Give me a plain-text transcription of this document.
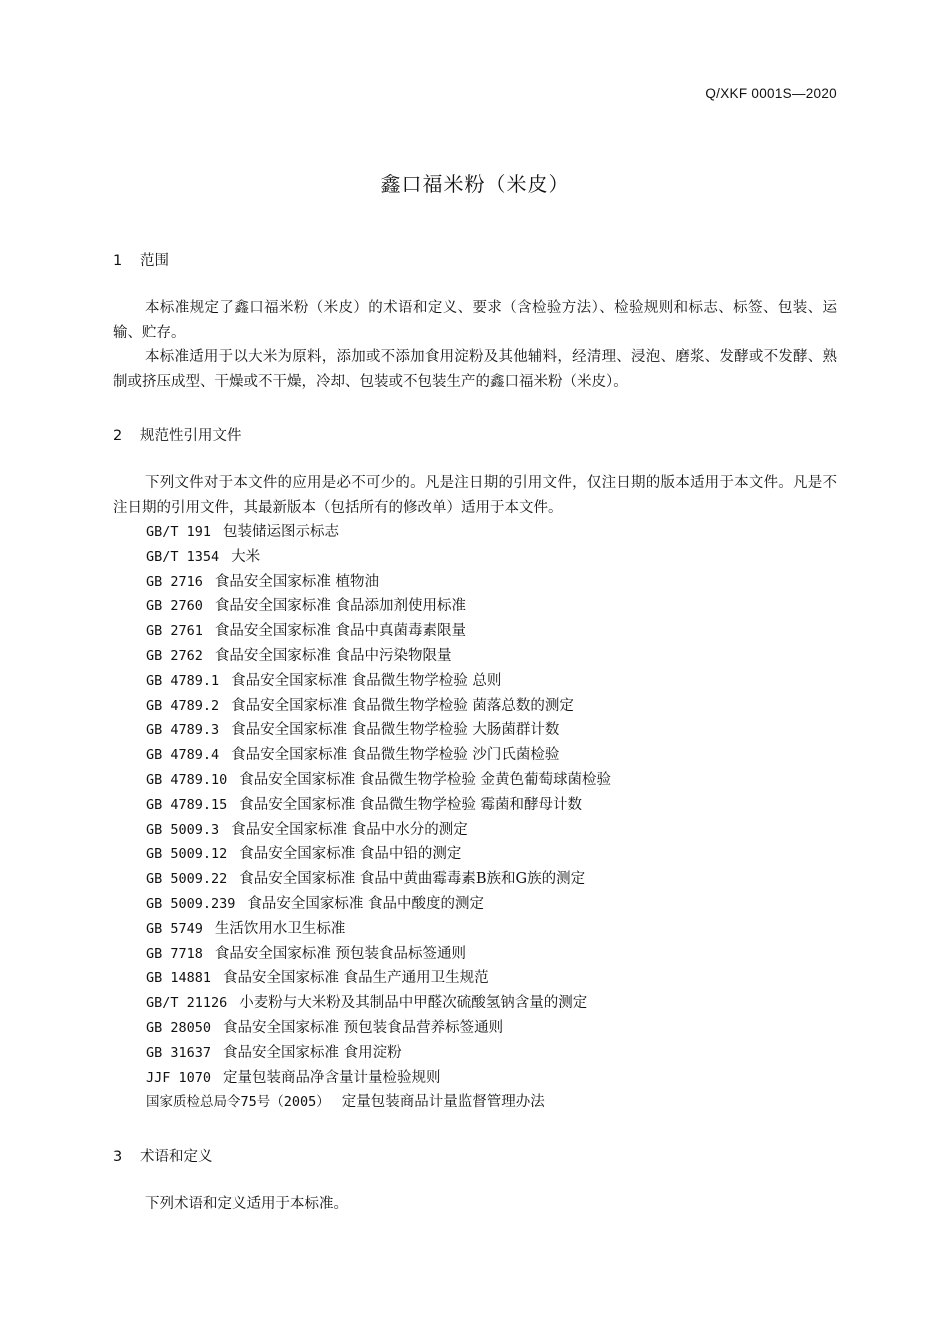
Q/XKF 0001S—2020
鑫口福米粉（米皮）
1 范围
本标准规定了鑫口福米粉（米皮）的术语和定义、要求（含检验方法）、检验规则和标志、标签、包装、运输、贮存。
本标准适用于以大米为原料，添加或不添加食用淀粉及其他辅料，经清理、浸泡、磨浆、发酵或不发酵、熟制或挤压成型、干燥或不干燥，冷却、包装或不包装生产的鑫口福米粉（米皮）。
2 规范性引用文件
下列文件对于本文件的应用是必不可少的。凡是注日期的引用文件，仅注日期的版本适用于本文件。凡是不注日期的引用文件，其最新版本（包括所有的修改单）适用于本文件。
GB/T 191 包装储运图示标志
GB/T 1354 大米
GB 2716 食品安全国家标准 植物油
GB 2760 食品安全国家标准 食品添加剂使用标准
GB 2761 食品安全国家标准 食品中真菌毒素限量
GB 2762 食品安全国家标准 食品中污染物限量
GB 4789.1 食品安全国家标准 食品微生物学检验 总则
GB 4789.2 食品安全国家标准 食品微生物学检验 菌落总数的测定
GB 4789.3 食品安全国家标准 食品微生物学检验 大肠菌群计数
GB 4789.4 食品安全国家标准 食品微生物学检验 沙门氏菌检验
GB 4789.10 食品安全国家标准 食品微生物学检验 金黄色葡萄球菌检验
GB 4789.15 食品安全国家标准 食品微生物学检验 霉菌和酵母计数
GB 5009.3 食品安全国家标准 食品中水分的测定
GB 5009.12 食品安全国家标准 食品中铅的测定
GB 5009.22 食品安全国家标准 食品中黄曲霉毒素B族和G族的测定
GB 5009.239 食品安全国家标准 食品中酸度的测定
GB 5749 生活饮用水卫生标准
GB 7718 食品安全国家标准 预包装食品标签通则
GB 14881 食品安全国家标准 食品生产通用卫生规范
GB/T 21126 小麦粉与大米粉及其制品中甲醛次硫酸氢钠含量的测定
GB 28050 食品安全国家标准 预包装食品营养标签通则
GB 31637 食品安全国家标准 食用淀粉
JJF 1070 定量包装商品净含量计量检验规则
国家质检总局令75号（2005） 定量包装商品计量监督管理办法
3 术语和定义
下列术语和定义适用于本标准。
